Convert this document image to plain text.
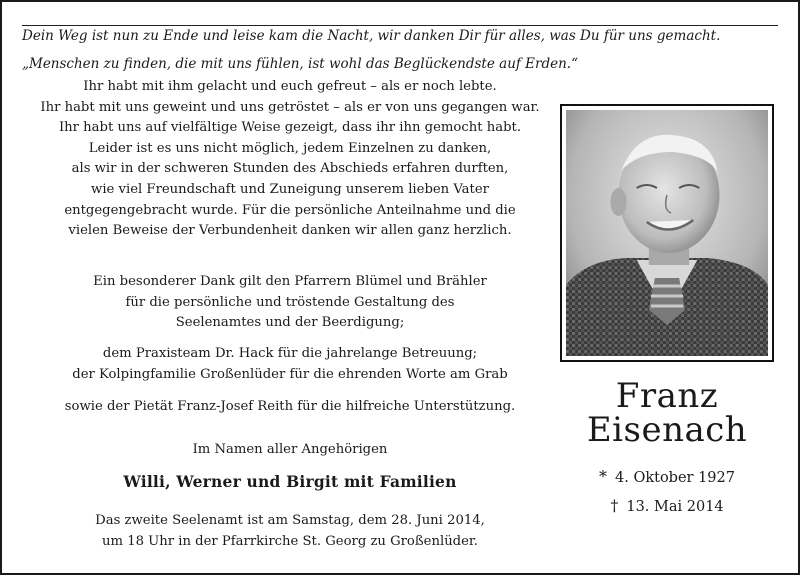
Dein Weg ist nun zu Ende und leise kam die Nacht, wir danken Dir für alles, was Du für uns gemacht.
„Menschen zu finden, die mit uns fühlen, ist wohl das Beglückendste auf Erden.“

Ihr habt mit ihm gelacht und euch gefreut – als er noch lebte.

Ihr habt mit uns geweint und uns getröstet – als er von uns gegangen war.

Ihr habt uns auf vielfältige Weise gezeigt, dass ihr ihn gemocht habt.

Leider ist es uns nicht möglich, jedem Einzelnen zu danken,

als wir in der schweren Stunden des Abschieds erfahren durften,

wie viel Freundschaft und Zuneigung unserem lieben Vater

entgegengebracht wurde. Für die persönliche Anteilnahme und die

vielen Beweise der Verbundenheit danken wir allen ganz herzlich.

Ein besonderer Dank gilt den Pfarrern Blümel und Brähler

für die persönliche und tröstende Gestaltung des

Seelenamtes und der Beerdigung;

dem Praxisteam Dr. Hack für die jahrelange Betreuung;

der Kolpingfamilie Großenlüder für die ehrenden Worte am Grab

sowie der Pietät Franz-Josef Reith für die hilfreiche Unterstützung.

Im Namen aller Angehörigen
Willi, Werner und Birgit mit Familien

Das zweite Seelenamt ist am Samstag, dem 28. Juni 2014,

um 18 Uhr in der Pfarrkirche St. Georg zu Großenlüder.

Franz
Eisenach
* 4. Oktober 1927
† 13. Mai 2014
